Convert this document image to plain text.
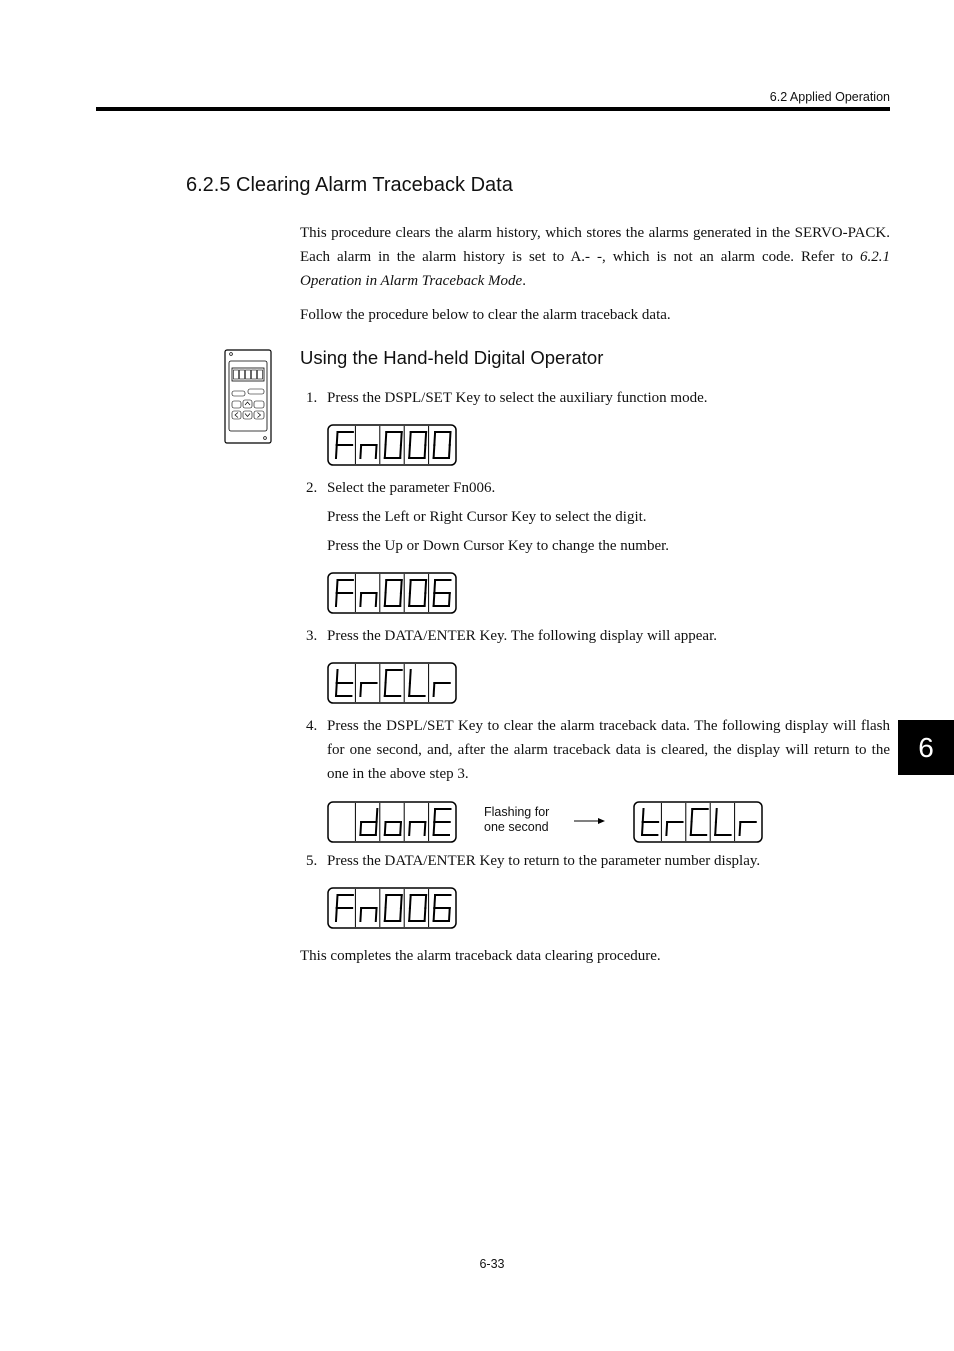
6.2 Applied Operation
6.2.5 Clearing Alarm Traceback Data
This procedure clears the alarm history, which stores the alarms generated in the SERVO-PACK. Each alarm in the alarm history is set to A.- -, which is not an alarm code. Refer to 6.2.1 Operation in Alarm Traceback Mode.
Follow the procedure below to clear the alarm traceback data.
Using the Hand-held Digital Operator
1. Press the DSPL/SET Key to select the auxiliary function mode.

2. Select the parameter Fn006.

Press the Left or Right Cursor Key to select the digit.

Press the Up or Down Cursor Key to change the number.

3. Press the DATA/ENTER Key. The following display will appear.

4. Press the DSPL/SET Key to clear the alarm traceback data. The following display will flash for one second, and, after the alarm traceback data is cleared, the display will return to the one in the above step 3.

Flashing for
one second
5. Press the DATA/ENTER Key to return to the parameter number display.

This completes the alarm traceback data clearing procedure.
6
6-33
